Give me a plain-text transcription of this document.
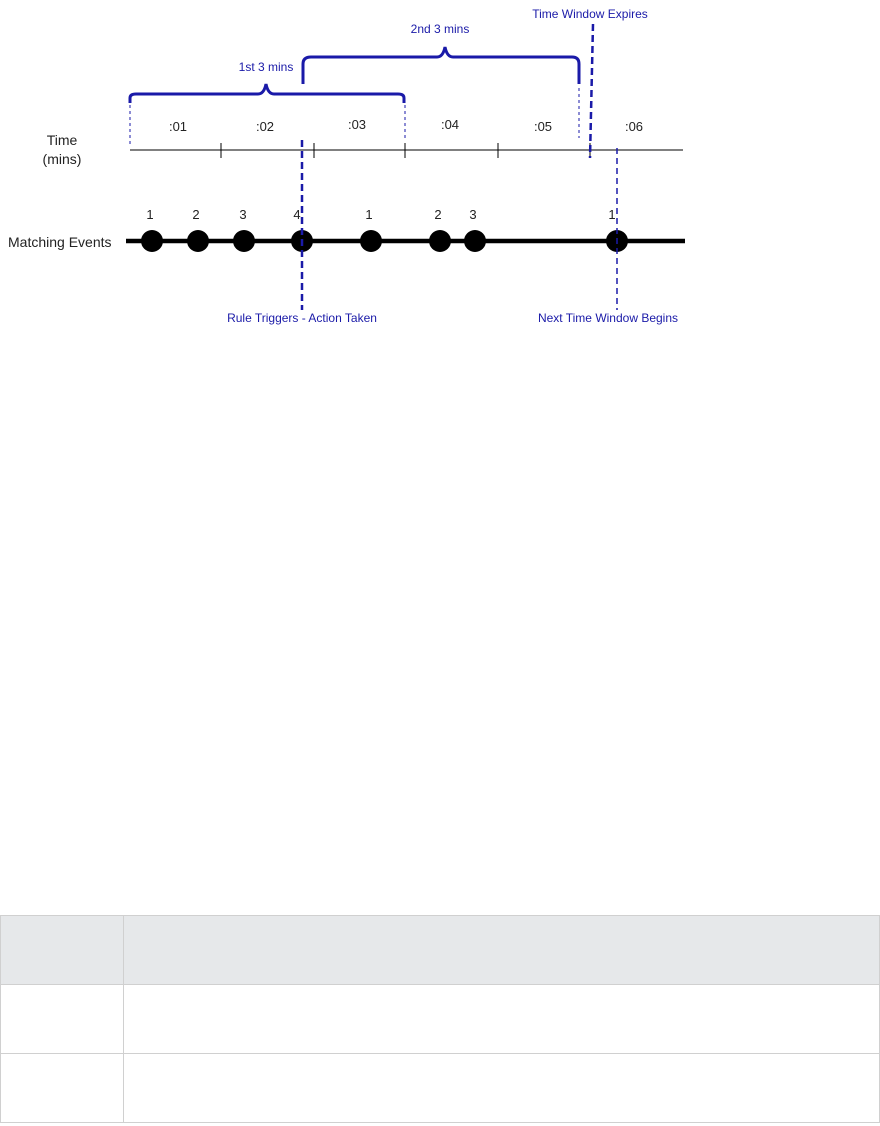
:01	:02	:03	:04	:05	:06
Time
(mins)
Matching Events
1	2	3	4	1	2 3	1
1st 3 mins
2nd 3 mins
Time Window Expires
Rule Triggers - Action Taken	Next Time Window Begins
